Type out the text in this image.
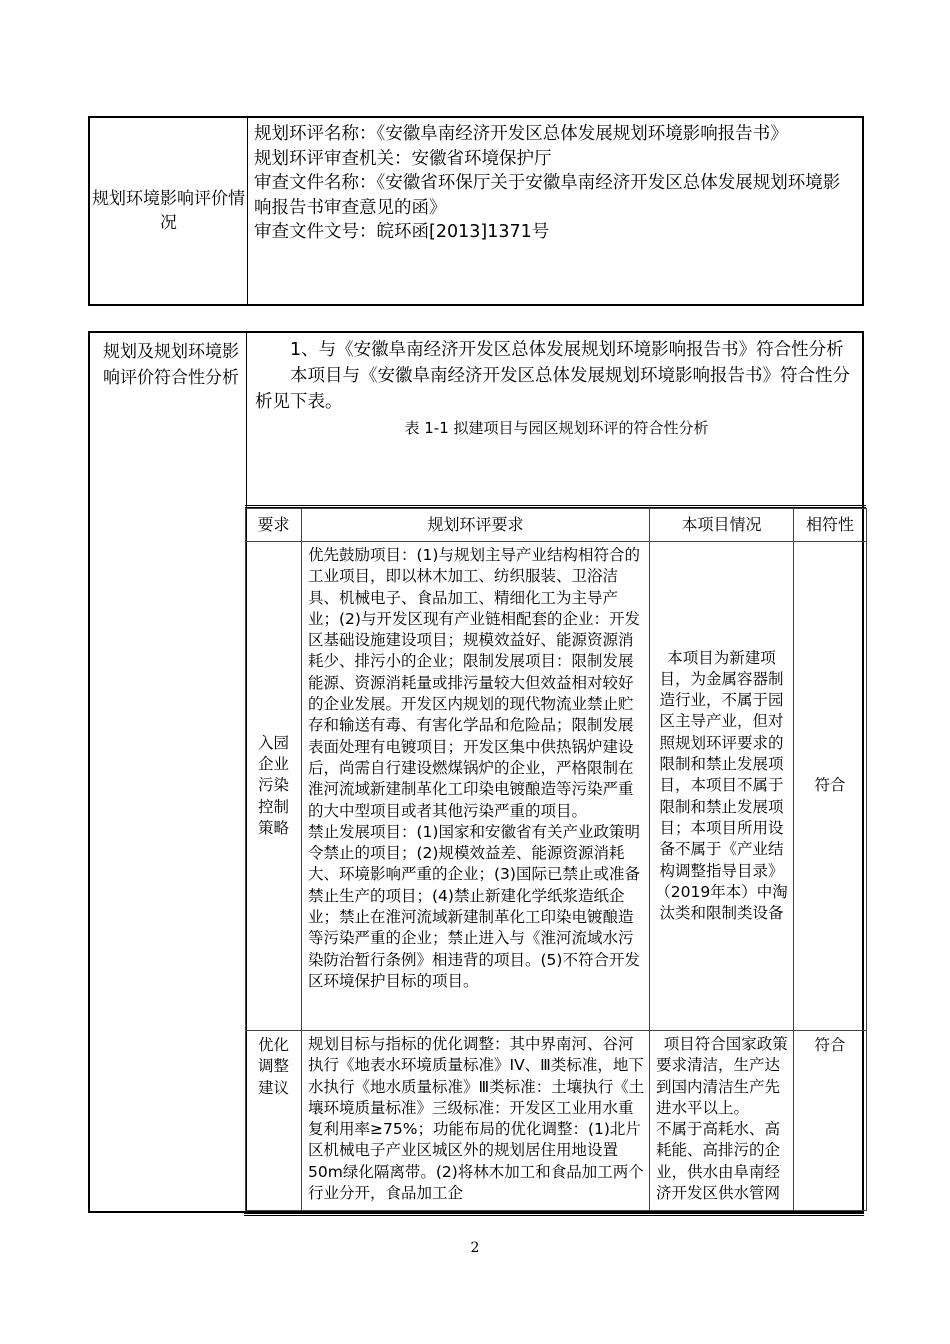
规划环境影响评价情况
规划环评名称：《安徽阜南经济开发区总体发展规划环境影响报告书》
规划环评审查机关：安徽省环境保护厅
审查文件名称：《安徽省环保厅关于安徽阜南经济开发区总体发展规划环境影响报告书审查意见的函》
审查文件文号：皖环函[2013]1371号
规划及规划环境影响评价符合性分析
1、与《安徽阜南经济开发区总体发展规划环境影响报告书》符合性分析
本项目与《安徽阜南经济开发区总体发展规划环境影响报告书》符合性分析见下表。
表 1-1 拟建项目与园区规划环评的符合性分析
要求	规划环评要求	本项目情况	相符性
入园企业污染控制策略	优先鼓励项目：(1)与规划主导产业结构相符合的工业项目，即以林木加工、纺织服装、卫浴洁具、机械电子、食品加工、精细化工为主导产业；(2)与开发区现有产业链相配套的企业：开发区基础设施建设项目；规模效益好、能源资源消耗少、排污小的企业；限制发展项目：限制发展能源、资源消耗量或排污量较大但效益相对较好的企业发展。开发区内规划的现代物流业禁止贮存和输送有毒、有害化学品和危险品；限制发展表面处理有电镀项目；开发区集中供热锅炉建设后，尚需自行建设燃煤锅炉的企业，严格限制在淮河流域新建制革化工印染电镀酿造等污染严重的大中型项目或者其他污染严重的项目。
禁止发展项目：(1)国家和安徽省有关产业政策明令禁止的项目；(2)规模效益差、能源资源消耗大、环境影响严重的企业；(3)国际已禁止或准备禁止生产的项目；(4)禁止新建化学纸浆造纸企业；禁止在淮河流域新建制革化工印染电镀酿造等污染严重的企业；禁止进入与《淮河流域水污染防治暂行条例》相违背的项目。(5)不符合开发区环境保护目标的项目。	本项目为新建项目，为金属容器制造行业，不属于园区主导产业，但对照规划环评要求的限制和禁止发展项目，本项目不属于限制和禁止发展项目；本项目所用设备不属于《产业结构调整指导目录》（2019年本）中淘汰类和限制类设备	符合
优化调整建议	规划目标与指标的优化调整：其中界南河、谷河执行《地表水环境质量标准》IV、Ⅲ类标准，地下水执行《地水质量标准》Ⅲ类标准：土壤执行《土壤环境质量标准》三级标准：开发区工业用水重复利用率≥75%；功能布局的优化调整：(1)北片区机械电子产业区城区外的规划居住用地设置50m绿化隔离带。(2)将林木加工和食品加工两个行业分开，食品加工企	项目符合国家政策要求清洁，生产达到国内清洁生产先进水平以上。
不属于高耗水、高耗能、高排污的企业，供水由阜南经济开发区供水管网	符合
2
